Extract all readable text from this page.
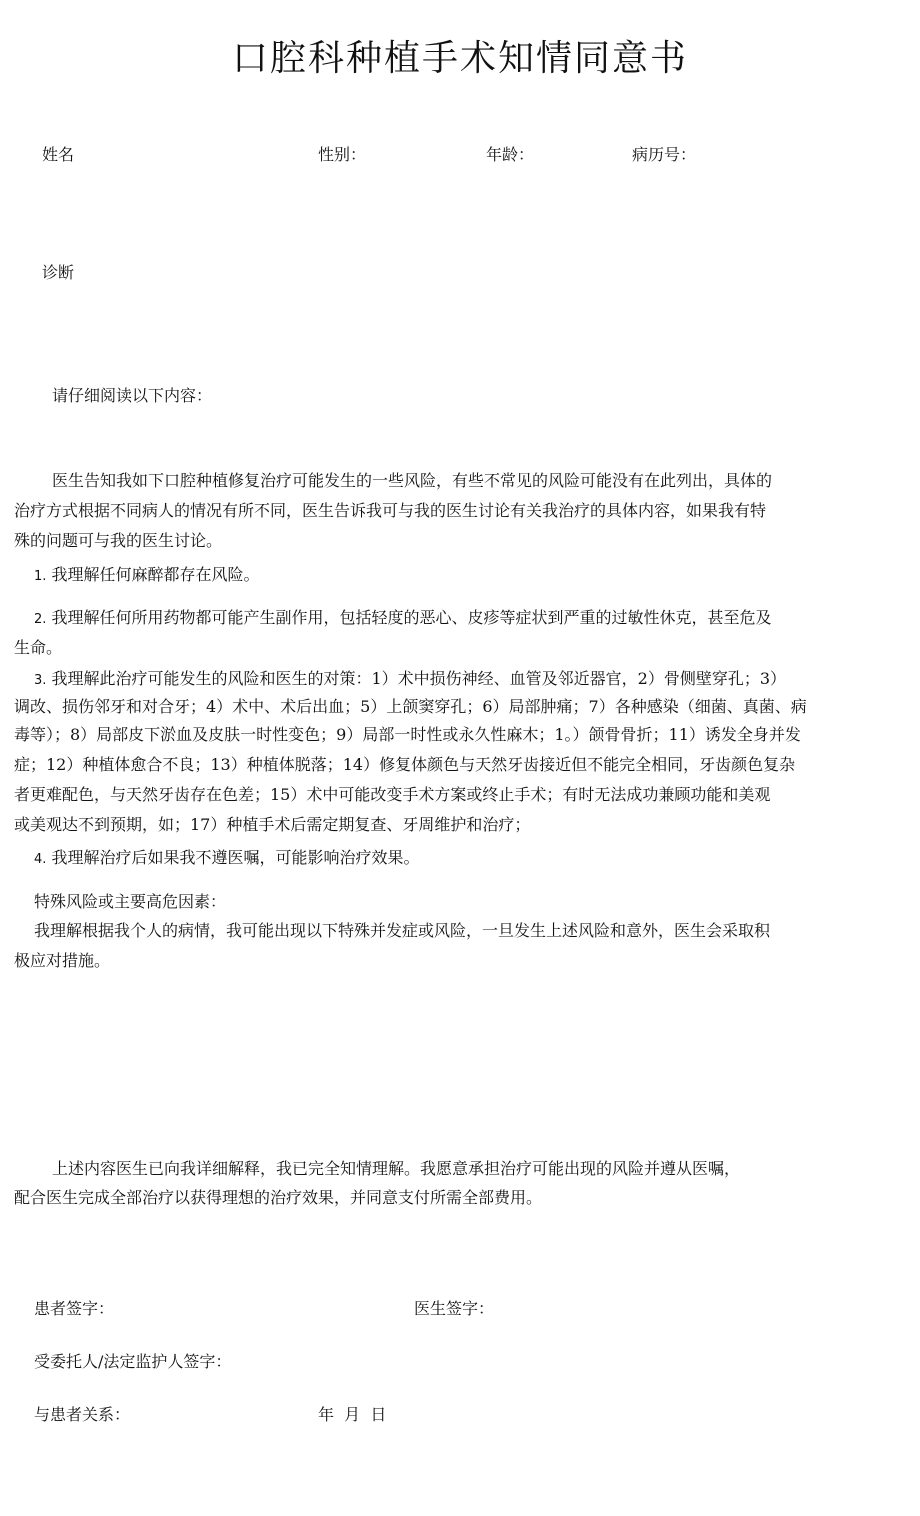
口腔科种植手术知情同意书
姓名	性别：	年龄：	病历号：
诊断
请仔细阅读以下内容：
医生告知我如下口腔种植修复治疗可能发生的一些风险，有些不常见的风险可能没有在此列出，具体的
治疗方式根据不同病人的情况有所不同，医生告诉我可与我的医生讨论有关我治疗的具体内容，如果我有特
殊的问题可与我的医生讨论。
1. 我理解任何麻醉都存在风险。
2. 我理解任何所用药物都可能产生副作用，包括轻度的恶心、皮疹等症状到严重的过敏性休克，甚至危及
生命。
3. 我理解此治疗可能发生的风险和医生的对策：1）术中损伤神经、血管及邻近器官，2）骨侧壁穿孔；3）
调改、损伤邻牙和对合牙；4）术中、术后出血；5）上颌窦穿孔；6）局部肿痛；7）各种感染（细菌、真菌、病
毒等）；8）局部皮下淤血及皮肤一时性变色；9）局部一时性或永久性麻木；1。）颌骨骨折；11）诱发全身并发
症；12）种植体愈合不良；13）种植体脱落；14）修复体颜色与天然牙齿接近但不能完全相同，牙齿颜色复杂
者更难配色，与天然牙齿存在色差；15）术中可能改变手术方案或终止手术；有时无法成功兼顾功能和美观
或美观达不到预期，如；17）种植手术后需定期复查、牙周维护和治疗；
4. 我理解治疗后如果我不遵医嘱，可能影响治疗效果。
特殊风险或主要高危因素：
我理解根据我个人的病情，我可能出现以下特殊并发症或风险，一旦发生上述风险和意外，医生会采取积
极应对措施。
上述内容医生已向我详细解释，我已完全知情理解。我愿意承担治疗可能出现的风险并遵从医嘱，
配合医生完成全部治疗以获得理想的治疗效果，并同意支付所需全部费用。
患者签字：	医生签字：
受委托人/法定监护人签字：
与患者关系：	年  月  日
